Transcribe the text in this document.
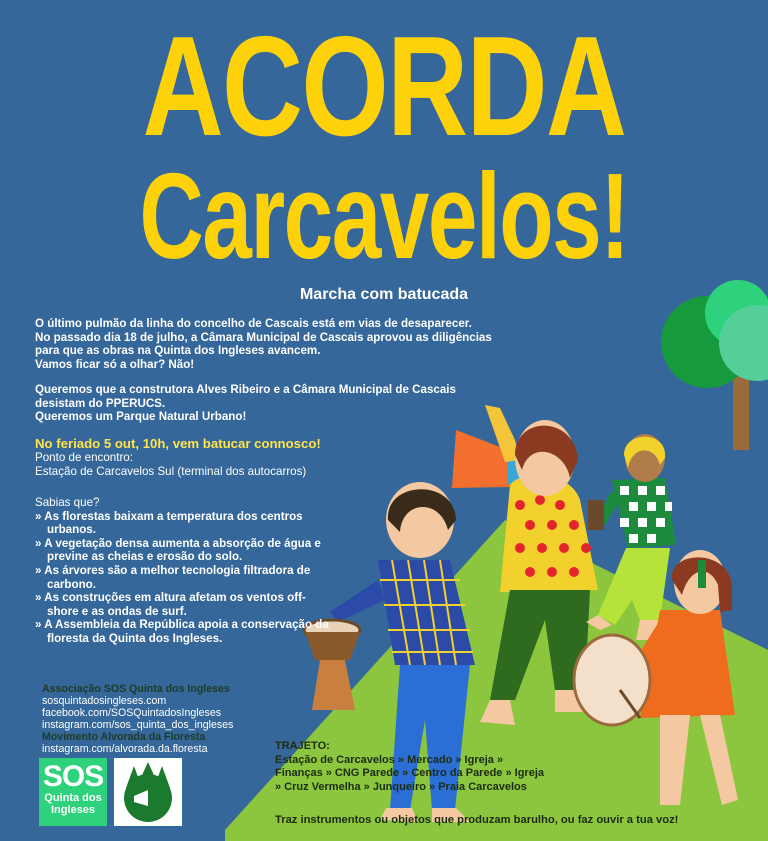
ACORDA
Carcavelos!
Marcha com batucada
O último pulmão da linha do concelho de Cascais está em vias de desaparecer.
No passado dia 18 de julho, a Câmara Municipal de Cascais aprovou as diligências
para que as obras na Quinta dos Ingleses avancem.
Vamos ficar só a olhar? Não!
Queremos que a construtora Alves Ribeiro e a Câmara Municipal de Cascais
desistam do PPERUCS.
Queremos um Parque Natural Urbano!
No feriado 5 out, 10h, vem batucar connosco!
Ponto de encontro:
Estação de Carcavelos Sul (terminal dos autocarros)
Sabias que?
» As florestas baixam a temperatura dos centros urbanos.
» A vegetação densa aumenta a absorção de água e previne as cheias e erosão do solo.
» As árvores são a melhor tecnologia filtradora de carbono.
» As construções em altura afetam os ventos off-shore e as ondas de surf.
» A Assembleia da República apoia a conservação da floresta da Quinta dos Ingleses.
Associação SOS Quinta dos Ingleses
sosquintadosingleses.com
facebook.com/SOSQuintadosIngleses
instagram.com/sos_quinta_dos_ingleses
Movimento Alvorada da Floresta
instagram.com/alvorada.da.floresta
SOS
Quinta dos
Ingleses
TRAJETO:
Estação de Carcavelos » Mercado » Igreja » Finanças » CNG Parede » Centro da Parede » Igreja » Cruz Vermelha » Junqueiro » Praia Carcavelos
Traz instrumentos ou objetos que produzam barulho, ou faz ouvir a tua voz!
